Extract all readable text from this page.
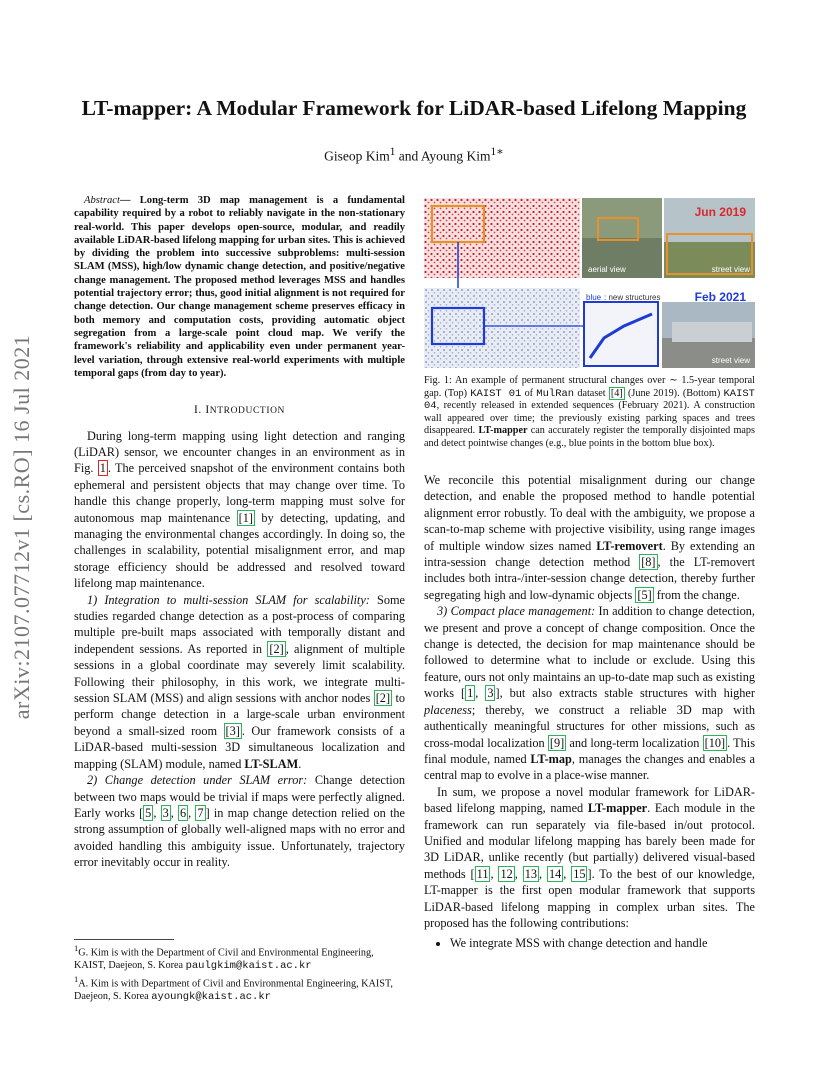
arXiv:2107.07712v1 [cs.RO] 16 Jul 2021
LT-mapper: A Modular Framework for LiDAR-based Lifelong Mapping
Giseop Kim$^1$ and Ayoung Kim$^{1∗}$

Abstract— Long-term 3D map management is a fundamental capability required by a robot to reliably navigate in the non-stationary real-world. This paper develops open-source, modular, and readily available LiDAR-based lifelong mapping for urban sites. This is achieved by dividing the problem into successive subproblems: multi-session SLAM (MSS), high/low dynamic change detection, and positive/negative change management. The proposed method leverages MSS and handles potential trajectory error; thus, good initial alignment is not required for change detection. Our change management scheme preserves efficacy in both memory and computation costs, providing automatic object segregation from a large-scale point cloud map. We verify the framework's reliability and applicability even under permanent year-level variation, through extensive real-world experiments with multiple temporal gaps (from day to year).

I. INTRODUCTION

During long-term mapping using light detection and ranging (LiDAR) sensor, we encounter changes in an environment as in Fig. 1 . The perceived snapshot of the environment contains both ephemeral and persistent objects that may change over time. To handle this change properly, long-term mapping must solve for autonomous map maintenance [1] by detecting, updating, and managing the environmental changes accordingly. In doing so, the challenges in scalability, potential misalignment error, and map storage efficiency should be addressed and resolved toward lifelong map maintenance.

1) Integration to multi-session SLAM for scalability: Some studies regarded change detection as a post-process of comparing multiple pre-built maps associated with temporally distant and independent sessions. As reported in [2] , alignment of multiple sessions in a global coordinate may severely limit scalability. Following their philosophy, in this work, we integrate multi-session SLAM (MSS) and align sessions with anchor nodes [2] to perform change detection in a large-scale urban environment beyond a small-sized room [3] . Our framework consists of a LiDAR-based multi-session 3D simultaneous localization and mapping (SLAM) module, named LT-SLAM.

2) Change detection under SLAM error: Change detection between two maps would be trivial if maps were perfectly aligned. Early works [ 5 , 3 , 6 , 7 ] in map change detection relied on the strong assumption of globally well-aligned maps with no error and avoided handling this ambiguity issue. Unfortunately, trajectory error inevitably occur in reality.

$^1$G. Kim is with the Department of Civil and Environmental Engineering, KAIST, Daejeon, S. Korea paulgkim@kaist.ac.kr
$^1$A. Kim is with Department of Civil and Environmental Engineering, KAIST, Daejeon, S. Korea ayoungk@kaist.ac.kr
aerial view
Jun 2019
street view
blue : new structures	Feb 2021
street view
Fig. 1: An example of permanent structural changes over ∼ 1.5-year temporal gap. (Top) KAIST 01 of MulRan dataset [4] (June 2019). (Bottom) KAIST 04, recently released in extended sequences (February 2021). A construction wall appeared over time; the previously existing parking spaces and trees disappeared. LT-mapper can accurately register the temporally disjointed maps and detect pointwise changes (e.g., blue points in the bottom blue box).

We reconcile this potential misalignment during our change detection, and enable the proposed method to handle potential alignment error robustly. To deal with the ambiguity, we propose a scan-to-map scheme with projective visibility, using range images of multiple window sizes named LT-removert. By extending an intra-session change detection method [8] , the LT-removert includes both intra-/inter-session change detection, thereby further segregating high and low-dynamic objects [5] from the change.

3) Compact place management: In addition to change detection, we present and prove a concept of change composition. Once the change is detected, the decision for map maintenance should be followed to determine what to include or exclude. Using this feature, ours not only maintains an up-to-date map such as existing works [ 1 , 3 ], but also extracts stable structures with higher placeness; thereby, we construct a reliable 3D map with authentically meaningful structures for other missions, such as cross-modal localization [9] and long-term localization [10] . This final module, named LT-map, manages the changes and enables a central map to evolve in a place-wise manner.

In sum, we propose a novel modular framework for LiDAR-based lifelong mapping, named LT-mapper. Each module in the framework can run separately via file-based in/out protocol. Unified and modular lifelong mapping has barely been made for 3D LiDAR, unlike recently (but partially) delivered visual-based methods [ 11 , 12 , 13 , 14 , 15 ]. To the best of our knowledge, LT-mapper is the first open modular framework that supports LiDAR-based lifelong mapping in complex urban sites. The proposed has the following contributions:

• We integrate MSS with change detection and handle
